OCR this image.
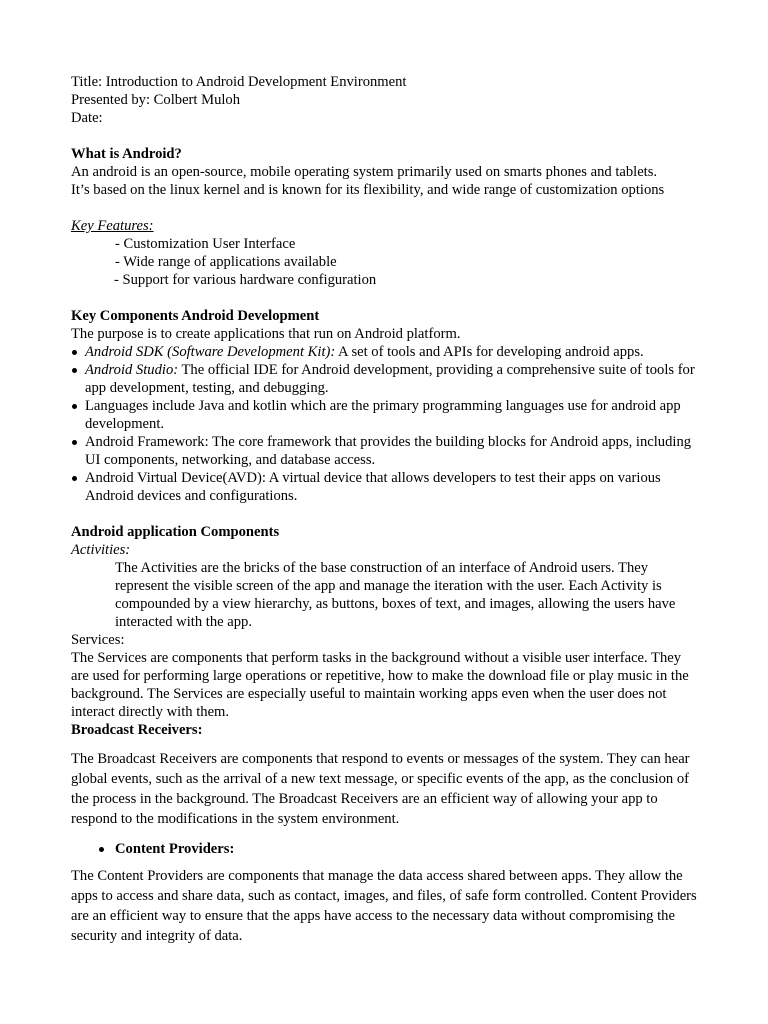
Title: Introduction to Android Development Environment
Presented by: Colbert Muloh
Date:
What is Android?
An android is an open-source, mobile operating system primarily used on smarts phones and tablets.
It’s based on the linux kernel and is known for its flexibility, and wide range of customization options
Key Features:
- Customization User Interface
- Wide range of applications available
- Support for various hardware configuration
Key Components Android Development
The purpose is to create applications that run on Android platform.
Android SDK (Software Development Kit): A set of tools and APIs for developing android apps.
Android Studio: The official IDE for Android development, providing a comprehensive suite of tools for app development, testing, and debugging.
Languages include Java and kotlin which are the primary programming languages use for android app development.
Android Framework: The core framework that provides the building blocks for Android apps, including UI components, networking, and database access.
Android Virtual Device(AVD): A virtual device that allows developers to test their apps on various Android devices and configurations.
Android application Components
Activities:
The Activities are the bricks of the base construction of an interface of Android users. They represent the visible screen of the app and manage the iteration with the user. Each Activity is compounded by a view hierarchy, as buttons, boxes of text, and images, allowing the users have interacted with the app.
Services:
The Services are components that perform tasks in the background without a visible user interface. They are used for performing large operations or repetitive, how to make the download file or play music in the background. The Services are especially useful to maintain working apps even when the user does not interact directly with them.
Broadcast Receivers:
The Broadcast Receivers are components that respond to events or messages of the system. They can hear global events, such as the arrival of a new text message, or specific events of the app, as the conclusion of the process in the background. The Broadcast Receivers are an efficient way of allowing your app to respond to the modifications in the system environment.
Content Providers:
The Content Providers are components that manage the data access shared between apps. They allow the apps to access and share data, such as contact, images, and files, of safe form controlled. Content Providers are an efficient way to ensure that the apps have access to the necessary data without compromising the security and integrity of data.
